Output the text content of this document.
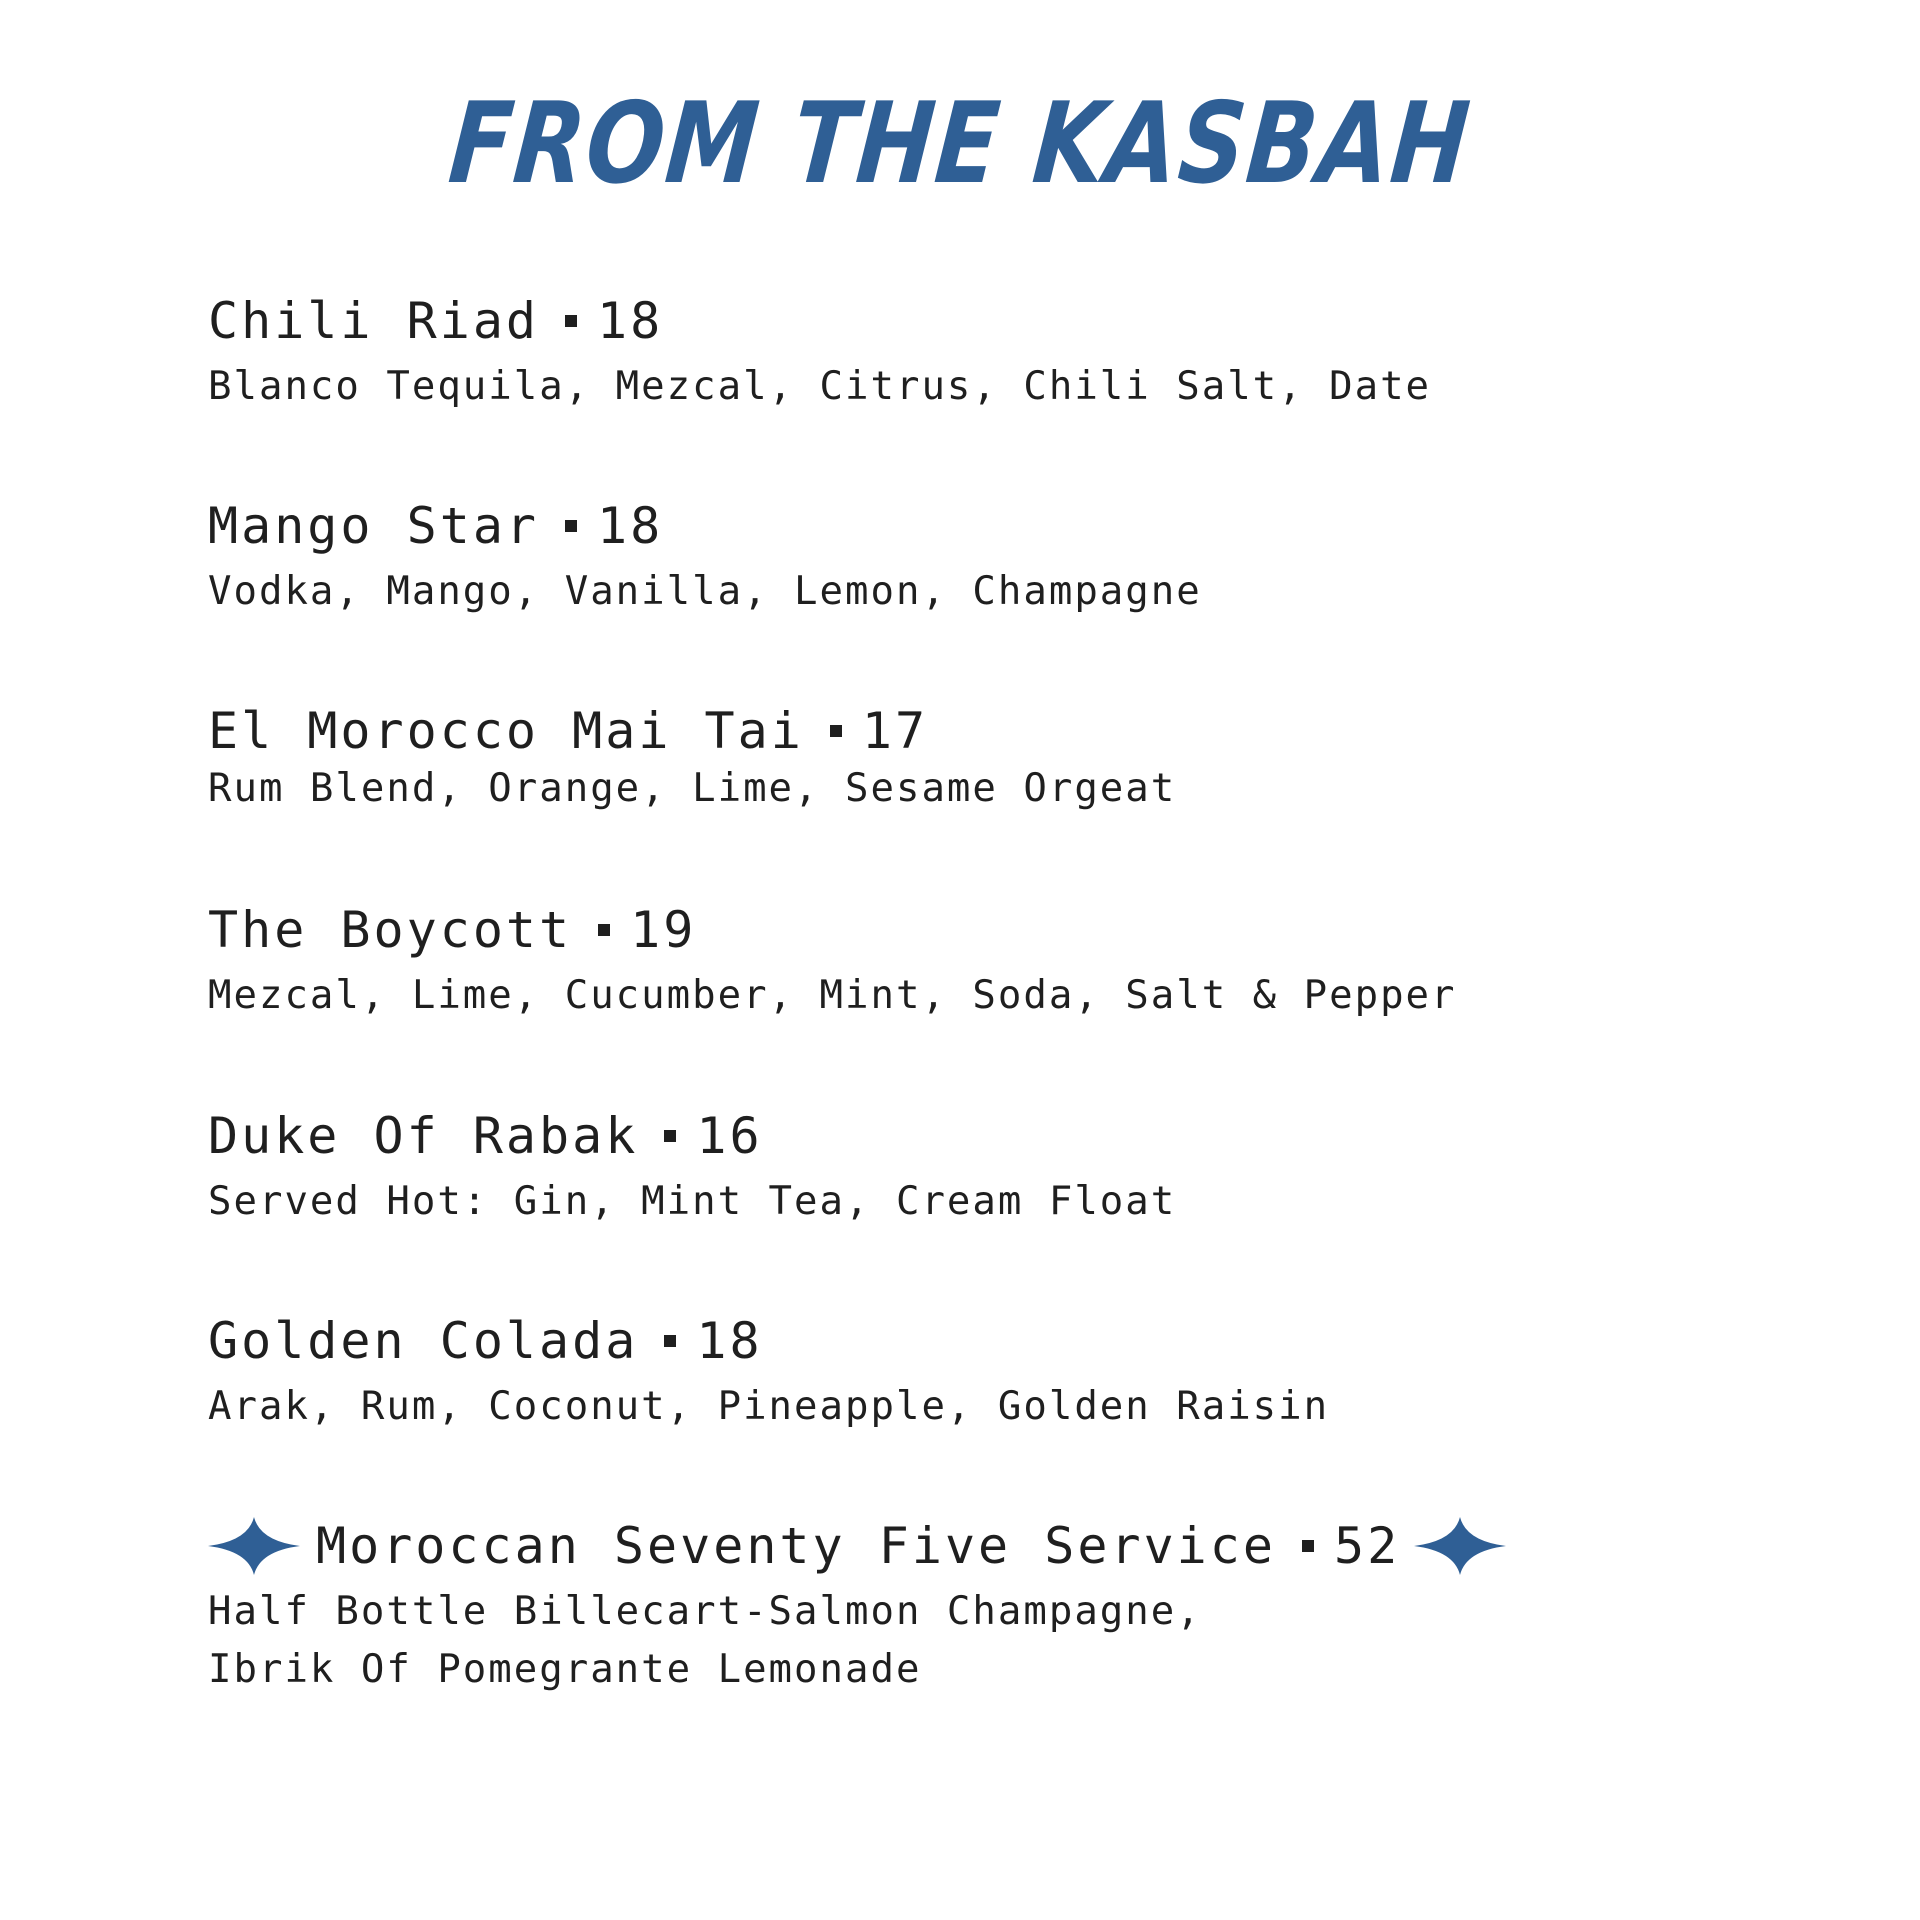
FROM THE KASBAH
Chili Riad 18
Blanco Tequila, Mezcal, Citrus, Chili Salt, Date
Mango Star 18
Vodka, Mango, Vanilla, Lemon, Champagne
El Morocco Mai Tai 17
Rum Blend, Orange, Lime, Sesame Orgeat
The Boycott 19
Mezcal, Lime, Cucumber, Mint, Soda, Salt & Pepper
Duke Of Rabak 16
Served Hot: Gin, Mint Tea, Cream Float
Golden Colada 18
Arak, Rum, Coconut, Pineapple, Golden Raisin
Moroccan Seventy Five Service 52
Half Bottle Billecart-Salmon Champagne,
Ibrik Of Pomegrante Lemonade
